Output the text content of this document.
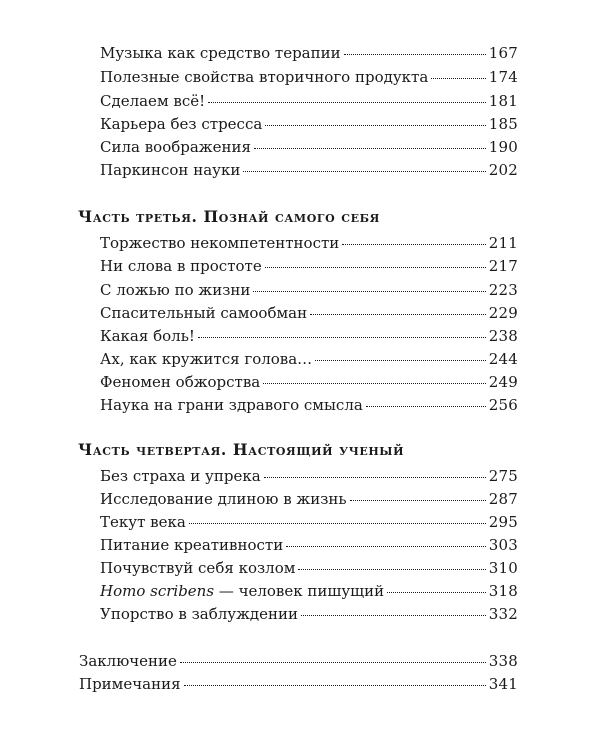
Музыка как средство терапии	167
Полезные свойства вторичного продукта	174
Сделаем всё!	181
Карьера без стресса	185
Сила воображения	190
Паркинсон науки	202
Часть третья. Познай самого себя
Торжество некомпетентности	211
Ни слова в простоте	217
С ложью по жизни	223
Спасительный самообман	229
Какая боль!	238
Ах, как кружится голова…	244
Феномен обжорства	249
Наука на грани здравого смысла	256
Часть четвертая. Настоящий ученый
Без страха и упрека	275
Исследование длиною в жизнь	287
Текут века	295
Питание креативности	303
Почувствуй себя козлом	310
Homo scribens — человек пишущий	318
Упорство в заблуждении	332
Заключение	338
Примечания	341
